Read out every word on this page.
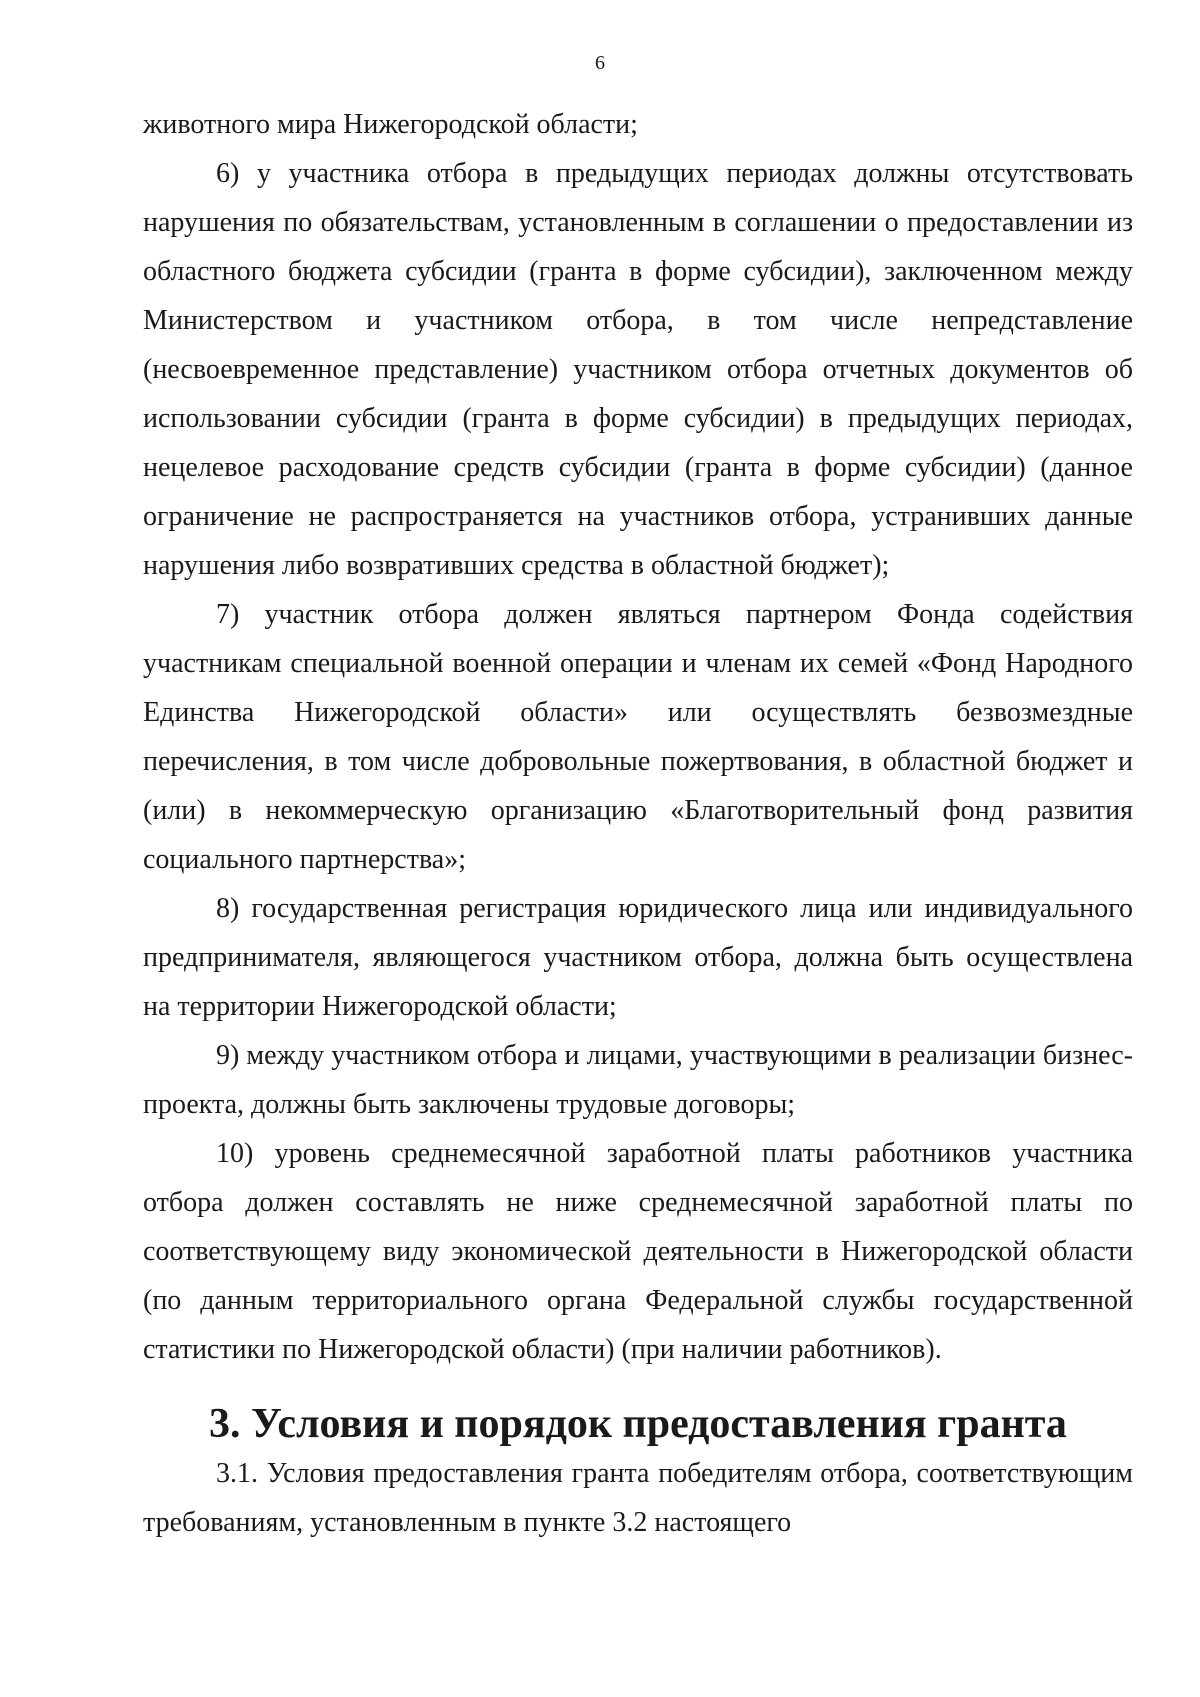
6

животного мира Нижегородской области;

6) у участника отбора в предыдущих периодах должны отсутствовать нарушения по обязательствам, установленным в соглашении о предоставлении из областного бюджета субсидии (гранта в форме субсидии), заключенном между Министерством и участником отбора, в том числе непредставление (несвоевременное представление) участником отбора отчетных документов об использовании субсидии (гранта в форме субсидии) в предыдущих периодах, нецелевое расходование средств субсидии (гранта в форме субсидии) (данное ограничение не распространяется на участников отбора, устранивших данные нарушения либо возвративших средства в областной бюджет);

7) участник отбора должен являться партнером Фонда содействия участникам специальной военной операции и членам их семей «Фонд Народного Единства Нижегородской области» или осуществлять безвозмездные перечисления, в том числе добровольные пожертвования, в областной бюджет и (или) в некоммерческую организацию «Благотворительный фонд развития социального партнерства»;

8) государственная регистрация юридического лица или индивидуального предпринимателя, являющегося участником отбора, должна быть осуществлена на территории Нижегородской области;

9) между участником отбора и лицами, участвующими в реализации бизнес-проекта, должны быть заключены трудовые договоры;

10) уровень среднемесячной заработной платы работников участника отбора должен составлять не ниже среднемесячной заработной платы по соответствующему виду экономической деятельности в Нижегородской области (по данным территориального органа Федеральной службы государственной статистики по Нижегородской области) (при наличии работников).

3. Условия и порядок предоставления гранта

3.1. Условия предоставления гранта победителям отбора, соответствующим требованиям, установленным в пункте 3.2 настоящего
